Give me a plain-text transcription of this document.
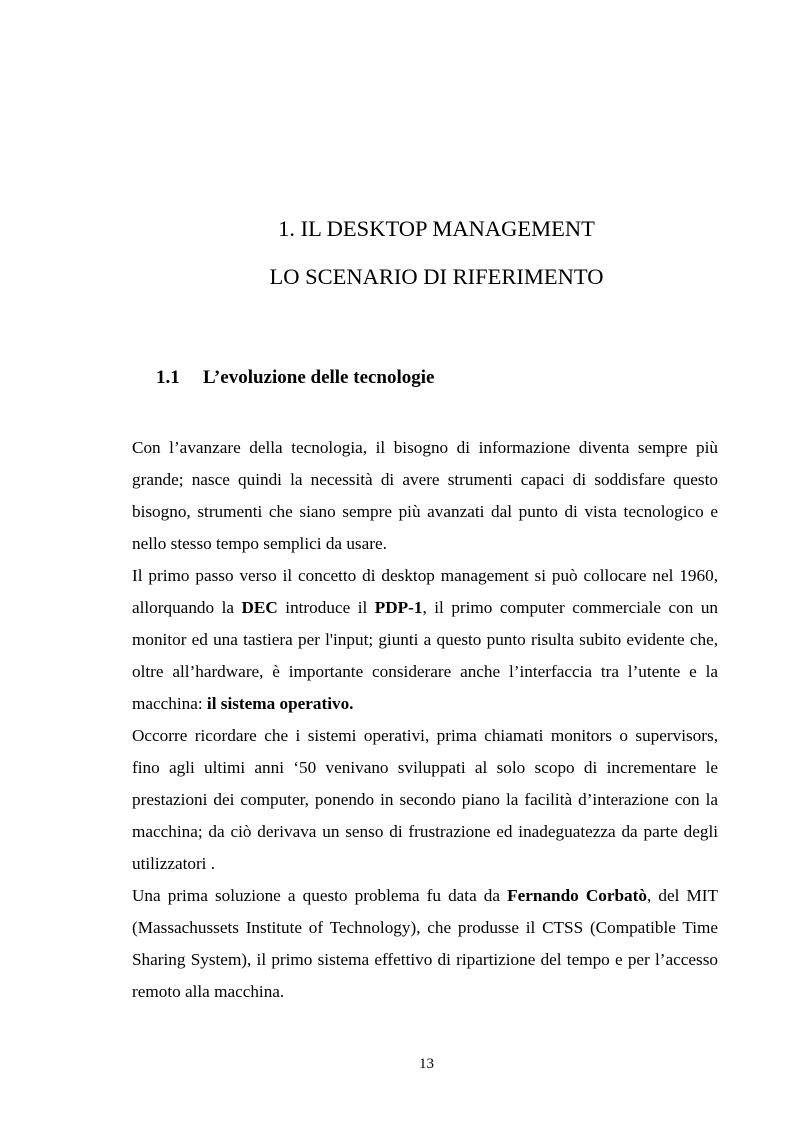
1. IL DESKTOP MANAGEMENT
LO SCENARIO DI RIFERIMENTO
1.1 L’evoluzione delle tecnologie

Con l’avanzare della tecnologia, il bisogno di informazione diventa sempre più grande; nasce quindi la necessità di avere strumenti capaci di soddisfare questo bisogno, strumenti che siano sempre più avanzati dal punto di vista tecnologico e nello stesso tempo semplici da usare.

Il primo passo verso il concetto di desktop management si può collocare nel 1960, allorquando la DEC introduce il PDP-1, il primo computer commerciale con un monitor ed una tastiera per l'input; giunti a questo punto risulta subito evidente che, oltre all’hardware, è importante considerare anche l’interfaccia tra l’utente e la macchina: il sistema operativo.

Occorre ricordare che i sistemi operativi, prima chiamati monitors o supervisors, fino agli ultimi anni ‘50 venivano sviluppati al solo scopo di incrementare le prestazioni dei computer, ponendo in secondo piano la facilità d’interazione con la macchina; da ciò derivava un senso di frustrazione ed inadeguatezza da parte degli utilizzatori .

Una prima soluzione a questo problema fu data da Fernando Corbatò, del MIT (Massachussets Institute of Technology), che produsse il CTSS (Compatible Time Sharing System), il primo sistema effettivo di ripartizione del tempo e per l’accesso remoto alla macchina.

13
